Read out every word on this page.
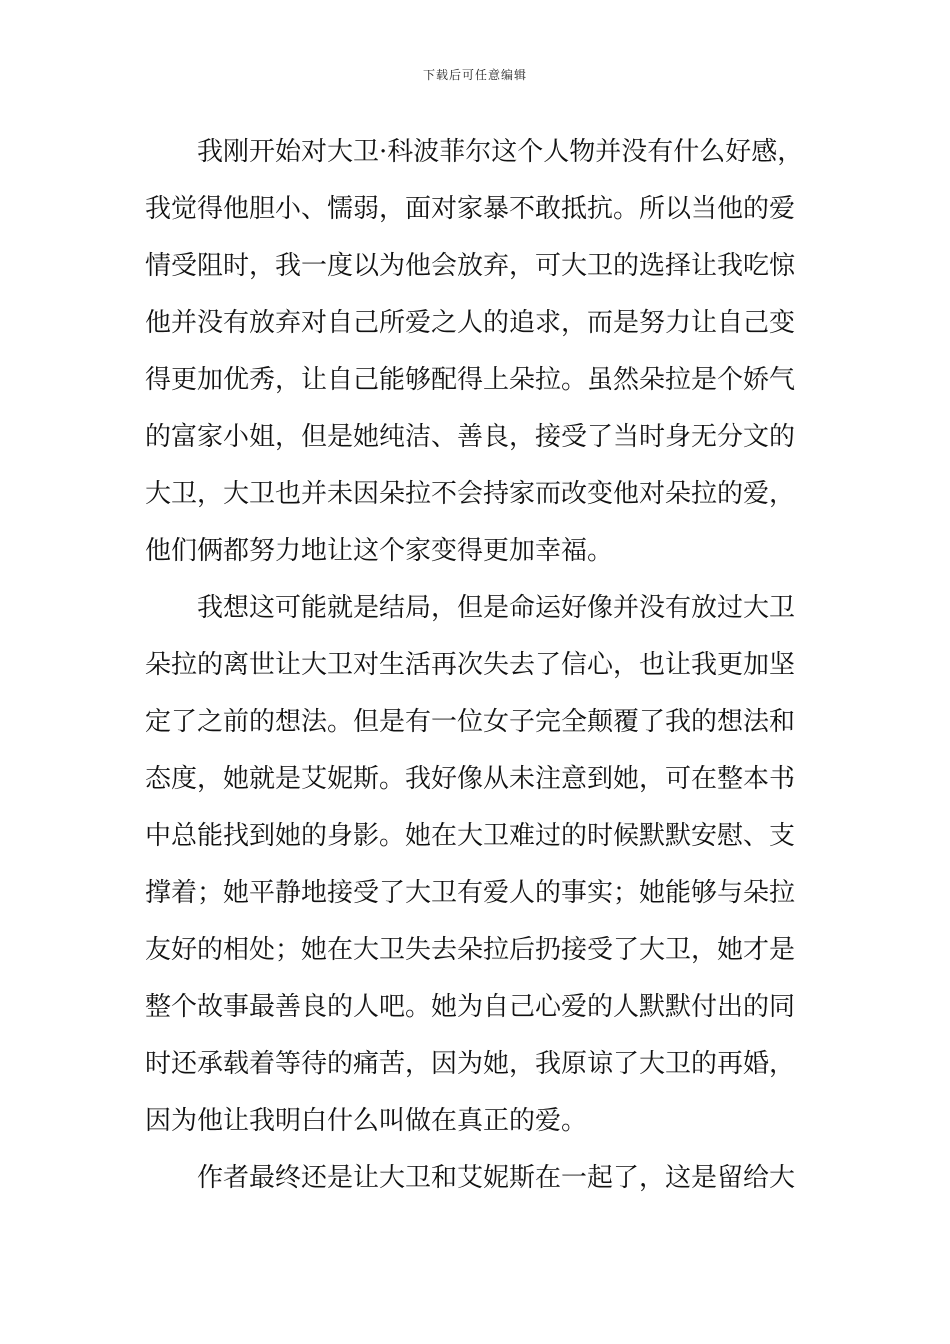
下载后可任意编辑
我刚开始对大卫·科波菲尔这个人物并没有什么好感，
我觉得他胆小、懦弱，面对家暴不敢抵抗。所以当他的爱
情受阻时，我一度以为他会放弃，可大卫的选择让我吃惊
他并没有放弃对自己所爱之人的追求，而是努力让自己变
得更加优秀，让自己能够配得上朵拉。虽然朵拉是个娇气
的富家小姐，但是她纯洁、善良，接受了当时身无分文的
大卫，大卫也并未因朵拉不会持家而改变他对朵拉的爱，
他们俩都努力地让这个家变得更加幸福。
我想这可能就是结局，但是命运好像并没有放过大卫
朵拉的离世让大卫对生活再次失去了信心，也让我更加坚
定了之前的想法。但是有一位女子完全颠覆了我的想法和
态度，她就是艾妮斯。我好像从未注意到她，可在整本书
中总能找到她的身影。她在大卫难过的时候默默安慰、支
撑着；她平静地接受了大卫有爱人的事实；她能够与朵拉
友好的相处；她在大卫失去朵拉后扔接受了大卫，她才是
整个故事最善良的人吧。她为自己心爱的人默默付出的同
时还承载着等待的痛苦，因为她，我原谅了大卫的再婚，
因为他让我明白什么叫做在真正的爱。
作者最终还是让大卫和艾妮斯在一起了，这是留给大
